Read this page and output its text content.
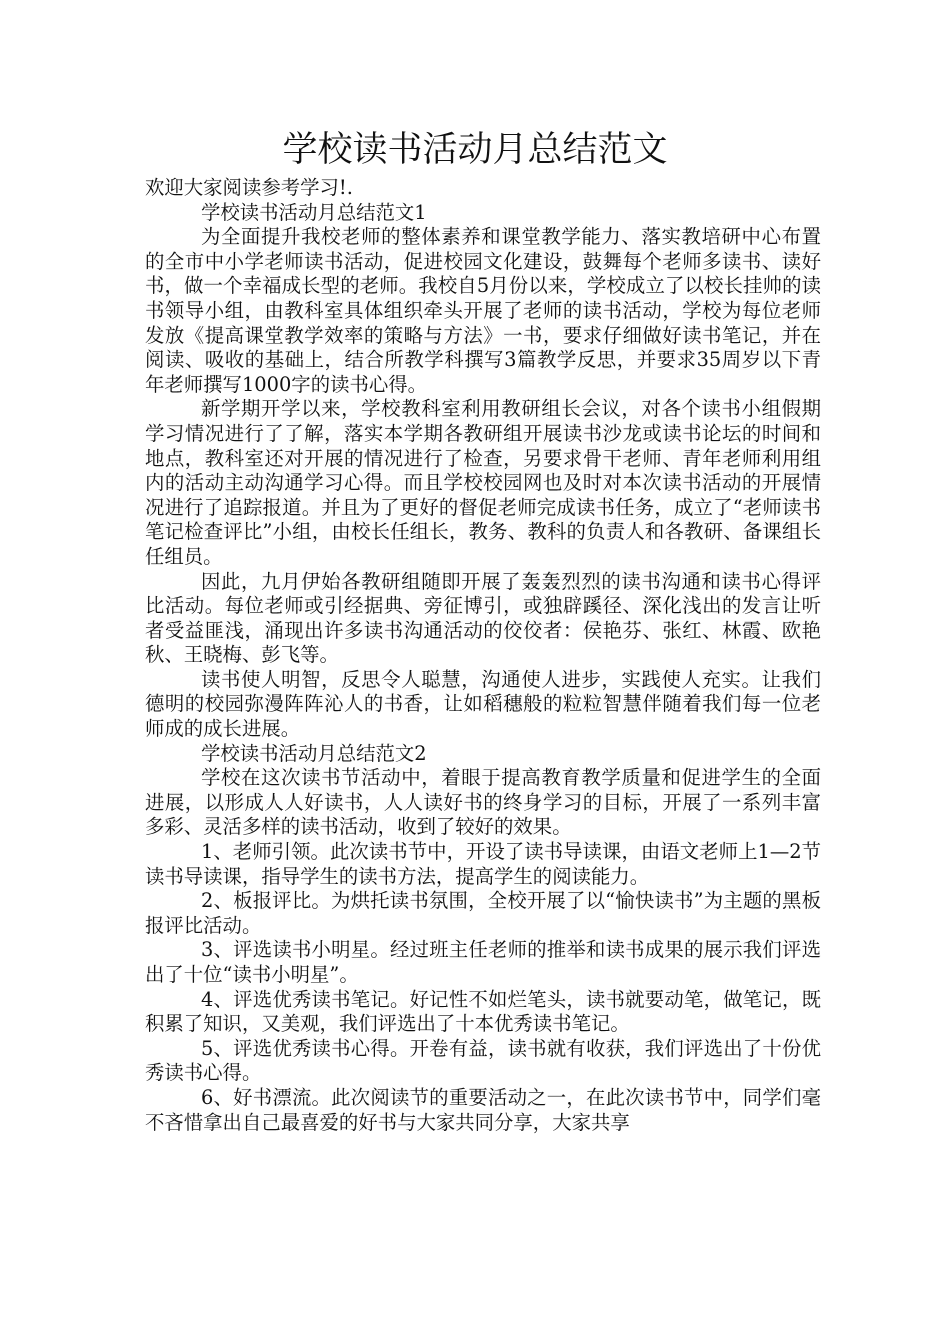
学校读书活动月总结范文

欢迎大家阅读参考学习!.

学校读书活动月总结范文1

为全面提升我校老师的整体素养和课堂教学能力、落实教培研中心布置的全市中小学老师读书活动，促进校园文化建设，鼓舞每个老师多读书、读好书，做一个幸福成长型的老师。我校自5月份以来，学校成立了以校长挂帅的读书领导小组，由教科室具体组织牵头开展了老师的读书活动，学校为每位老师发放《提高课堂教学效率的策略与方法》一书，要求仔细做好读书笔记，并在阅读、吸收的基础上，结合所教学科撰写3篇教学反思，并要求35周岁以下青年老师撰写1000字的读书心得。

新学期开学以来，学校教科室利用教研组长会议，对各个读书小组假期学习情况进行了了解，落实本学期各教研组开展读书沙龙或读书论坛的时间和地点，教科室还对开展的情况进行了检查，另要求骨干老师、青年老师利用组内的活动主动沟通学习心得。而且学校校园网也及时对本次读书活动的开展情况进行了追踪报道。并且为了更好的督促老师完成读书任务，成立了“老师读书笔记检查评比”小组，由校长任组长，教务、教科的负责人和各教研、备课组长任组员。

因此，九月伊始各教研组随即开展了轰轰烈烈的读书沟通和读书心得评比活动。每位老师或引经据典、旁征博引，或独辟蹊径、深化浅出的发言让听者受益匪浅，涌现出许多读书沟通活动的佼佼者：侯艳芬、张红、林霞、欧艳秋、王晓梅、彭飞等。

读书使人明智，反思令人聪慧，沟通使人进步，实践使人充实。让我们德明的校园弥漫阵阵沁人的书香，让如稻穗般的粒粒智慧伴随着我们每一位老师成的成长进展。

学校读书活动月总结范文2

学校在这次读书节活动中，着眼于提高教育教学质量和促进学生的全面进展，以形成人人好读书，人人读好书的终身学习的目标，开展了一系列丰富多彩、灵活多样的读书活动，收到了较好的效果。

1、老师引领。此次读书节中，开设了读书导读课，由语文老师上1—2节读书导读课，指导学生的读书方法，提高学生的阅读能力。

2、板报评比。为烘托读书氛围，全校开展了以“愉快读书”为主题的黑板报评比活动。

3、评选读书小明星。经过班主任老师的推举和读书成果的展示我们评选出了十位“读书小明星”。

4、评选优秀读书笔记。好记性不如烂笔头，读书就要动笔，做笔记，既积累了知识，又美观，我们评选出了十本优秀读书笔记。

5、评选优秀读书心得。开卷有益，读书就有收获，我们评选出了十份优秀读书心得。

6、好书漂流。此次阅读节的重要活动之一，在此次读书节中，同学们毫不吝惜拿出自己最喜爱的好书与大家共同分享，大家共享
